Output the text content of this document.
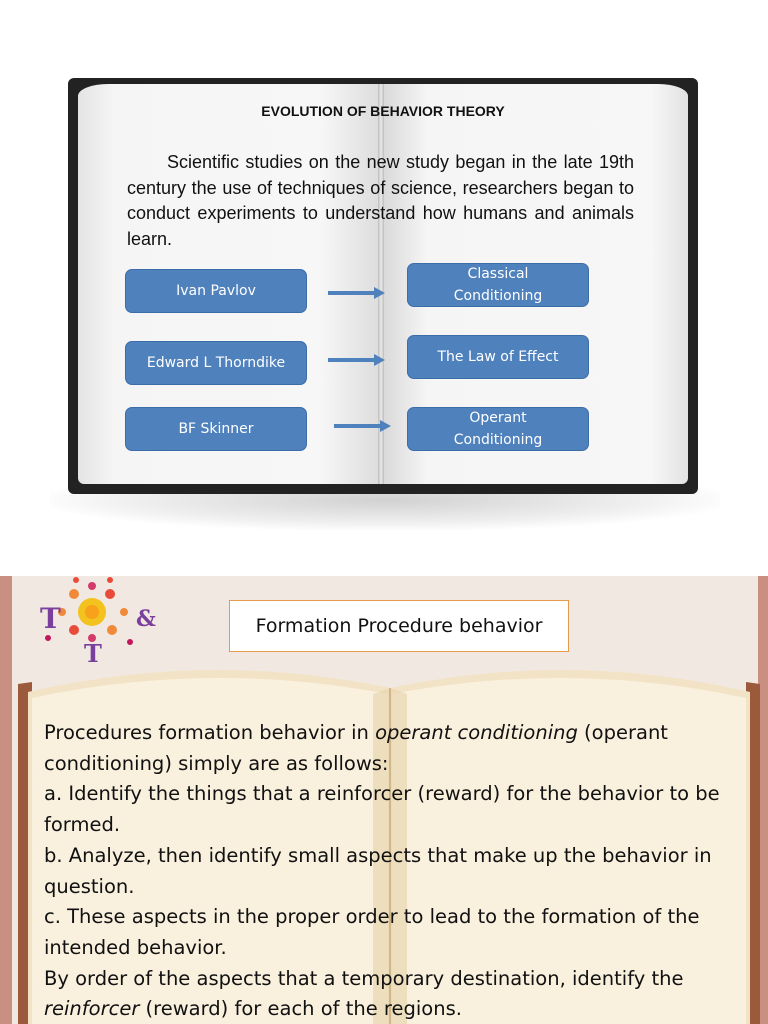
EVOLUTION OF BEHAVIOR THEORY
Scientific studies on the new study began in the late 19th century the use of techniques of science, researchers began to conduct experiments to understand how humans and animals learn.
Ivan Pavlov
Classical
Conditioning
Edward L Thorndike	The Law of Effect
BF Skinner
Operant
Conditioning
T	&
T
Formation Procedure behavior

Procedures formation behavior in operant conditioning (operant conditioning) simply are as follows:

a. Identify the things that a reinforcer (reward) for the behavior to be formed.

b. Analyze, then identify small aspects that make up the behavior in question.

c. These aspects in the proper order to lead to the formation of the intended behavior.

By order of the aspects that a temporary destination, identify the reinforcer (reward) for each of the regions.
